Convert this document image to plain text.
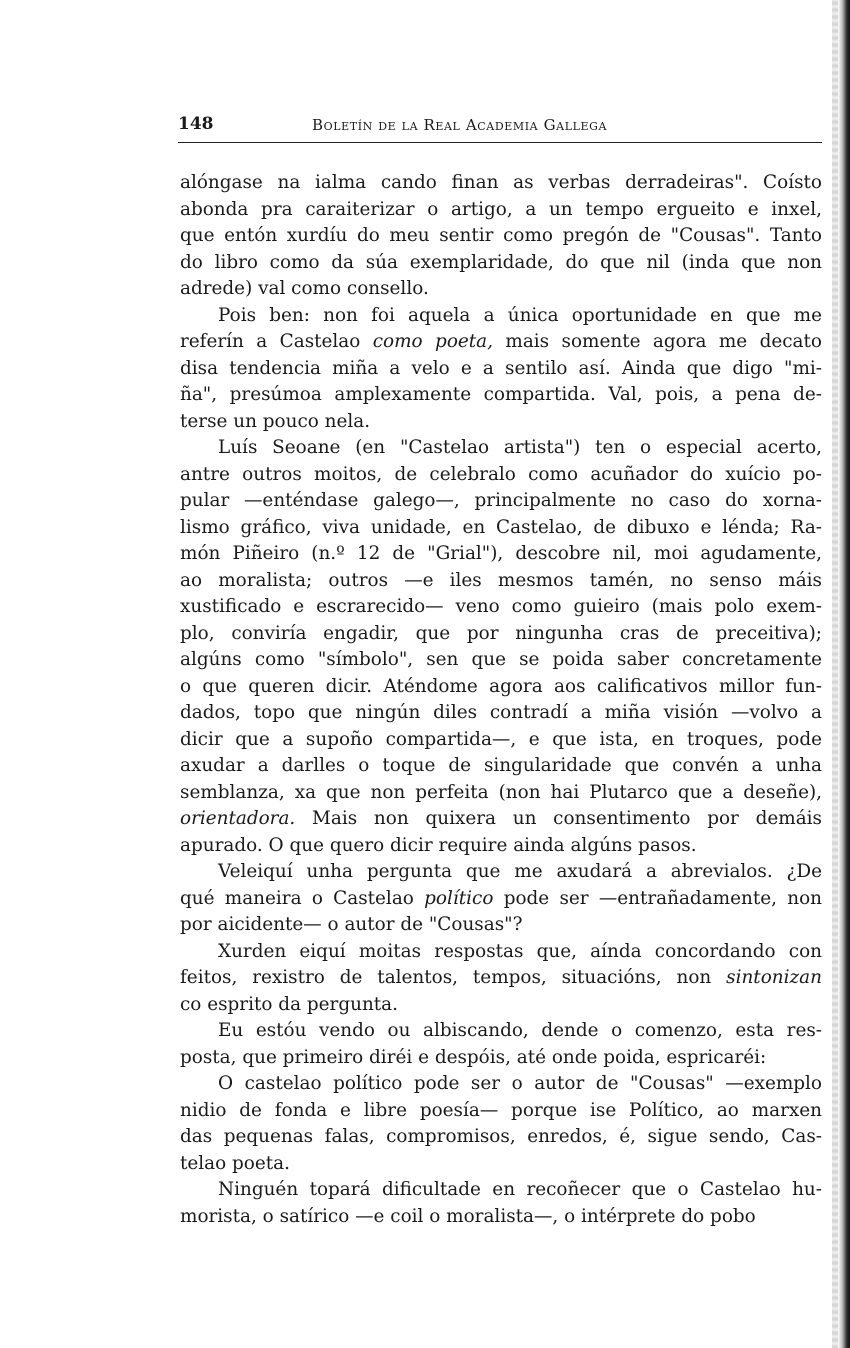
148	Boletín de la Real Academia Gallega

alóngase na ialma cando finan as verbas derradeiras". Coísto
abonda pra caraiterizar o artigo, a un tempo ergueito e inxel,
que entón xurdíu do meu sentir como pregón de "Cousas". Tanto
do libro como da súa exemplaridade, do que nil (inda que non
adrede) val como consello.

Pois ben: non foi aquela a única oportunidade en que me
referín a Castelao como poeta, mais somente agora me decato
disa tendencia miña a velo e a sentilo así. Ainda que digo "mi-
ña", presúmoa amplexamente compartida. Val, pois, a pena de-
terse un pouco nela.

Luís Seoane (en "Castelao artista") ten o especial acerto,
antre outros moitos, de celebralo como acuñador do xuício po-
pular —enténdase galego—, principalmente no caso do xorna-
lismo gráfico, viva unidade, en Castelao, de dibuxo e lénda; Ra-
món Piñeiro (n.º 12 de "Grial"), descobre nil, moi agudamente,
ao moralista; outros —e iles mesmos tamén, no senso máis
xustificado e escrarecido— veno como guieiro (mais polo exem-
plo, conviría engadir, que por ningunha cras de preceitiva);
algúns como "símbolo", sen que se poida saber concretamente
o que queren dicir. Aténdome agora aos calificativos millor fun-
dados, topo que ningún diles contradí a miña visión —volvo a
dicir que a supoño compartida—, e que ista, en troques, pode
axudar a darlles o toque de singularidade que convén a unha
semblanza, xa que non perfeita (non hai Plutarco que a deseñe),
orientadora. Mais non quixera un consentimento por demáis
apurado. O que quero dicir require ainda algúns pasos.

Veleiquí unha pergunta que me axudará a abrevialos. ¿De
qué maneira o Castelao político pode ser —entrañadamente, non
por aicidente— o autor de "Cousas"?

Xurden eiquí moitas respostas que, aínda concordando con
feitos, rexistro de talentos, tempos, situacións, non sintonizan
co esprito da pergunta.

Eu estóu vendo ou albiscando, dende o comenzo, esta res-
posta, que primeiro diréi e despóis, até onde poida, espricaréi:

O castelao político pode ser o autor de "Cousas" —exemplo
nidio de fonda e libre poesía— porque ise Político, ao marxen
das pequenas falas, compromisos, enredos, é, sigue sendo, Cas-
telao poeta.

Ninguén topará dificultade en recoñecer que o Castelao hu-
morista, o satírico —e coil o moralista—, o intérprete do pobo
